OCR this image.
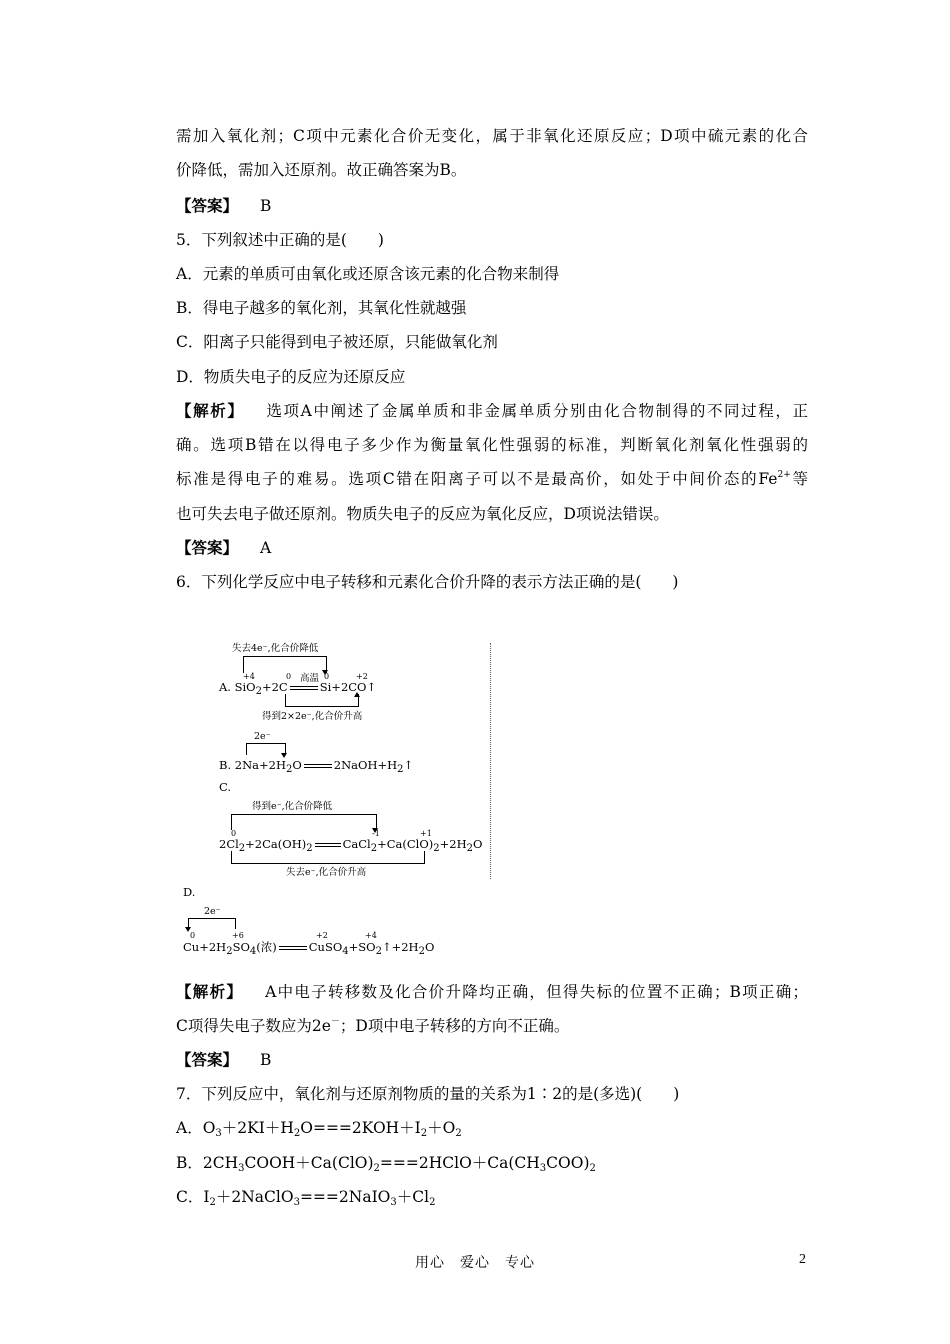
需加入氧化剂；C项中元素化合价无变化，属于非氧化还原反应；D项中硫元素的化合
价降低，需加入还原剂。故正确答案为B。
【答案】 B
5．下列叙述中正确的是(　　)
A．元素的单质可由氧化或还原含该元素的化合物来制得
B．得电子越多的氧化剂，其氧化性就越强
C．阳离子只能得到电子被还原，只能做氧化剂
D．物质失电子的反应为还原反应
【解析】 选项A中阐述了金属单质和非金属单质分别由化合物制得的不同过程，正
确。选项B错在以得电子多少作为衡量氧化性强弱的标准，判断氧化剂氧化性强弱的
标准是得电子的难易。选项C错在阳离子可以不是最高价，如处于中间价态的$Fe^{2+}$等
也可失去电子做还原剂。物质失电子的反应为氧化反应，D项说法错误。
【答案】 A
6．下列化学反应中电子转移和元素化合价升降的表示方法正确的是(　　)
失去4e⁻,化合价降低
+4	0	0	+2
高温
A. SiO$_2$+2C	Si+2CO↑
得到2×2e⁻,化合价升高
2e⁻
B. $2Na+2H_2O$	$2NaOH+H_2↑$
C.
得到e⁻,化合价降低
0	-1	+1
$2Cl_2+2Ca(OH)_2$	$CaCl_2+Ca(ClO)_2+2H_2O$
失去e⁻,化合价升高
D.
2e⁻
0	+6	+2	+4
$Cu+2H_2SO_4$(浓)	$CuSO_4+SO_2↑+2H_2O$
【解析】 A中电子转移数及化合价升降均正确，但得失标的位置不正确；B项正确；
C项得失电子数应为2e－；D项中电子转移的方向不正确。
【答案】 B
7．下列反应中，氧化剂与还原剂物质的量的关系为1∶2的是(多选)(　　)
A．$O_3+2KI+H_2O===2KOH+I_2+O_2$
B．$2CH_3COOH+Ca(ClO)_2===2HClO+Ca(CH_3COO)_2$
C．$I_2+2NaClO_3===2NaIO_3+Cl_2$
用心　爱心　专心	2
